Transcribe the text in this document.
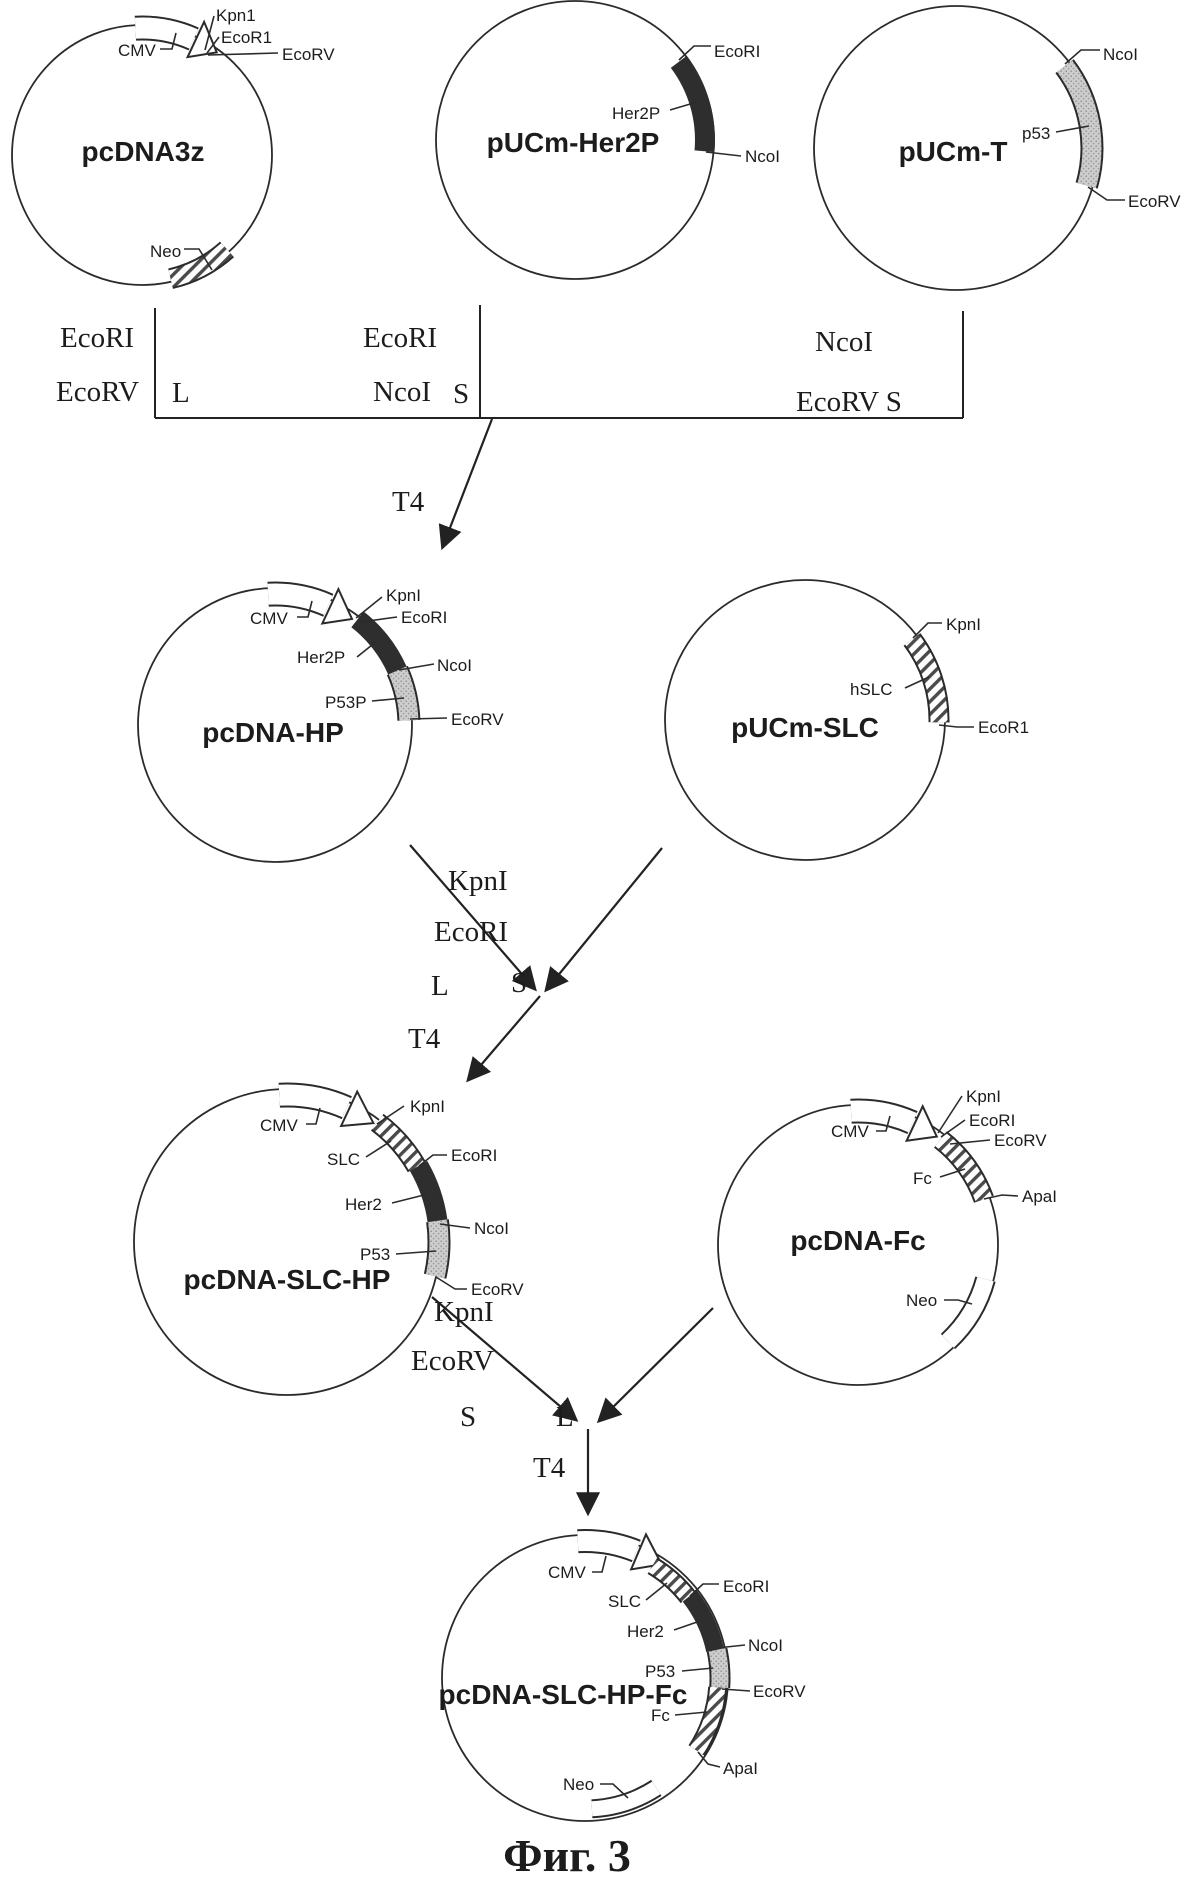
CMV
Kpn1
EcoR1
EcoRV
Neo
pcDNA3z
EcoRI
Her2P
NcoI
pUCm-Her2P
NcoI
p53
EcoRV
pUCm-T
EcoRI
EcoRV L
EcoRI
NcoI S
NcoI
EcoRV S
T4
CMV
KpnI
EcoRI
Her2P	NcoI
P53P
EcoRV
pcDNA-HP
KpnI
hSLC
EcoR1
pUCm-SLC
KpnI
EcoRI
L S
T4
CMV
KpnI
SLC	EcoRI
Her2
NcoI
P53
EcoRV
pcDNA-SLC-HP
CMV
KpnI
EcoRI
EcoRV
Fc
ApaI
Neo
pcDNA-Fc
KpnI
EcoRV
S	L
T4
CMV
SLC
EcoRI
Her2
NcoI
P53
EcoRV
Fc
ApaI
Neo
pcDNA-SLC-HP-Fc
Фиг. 3
